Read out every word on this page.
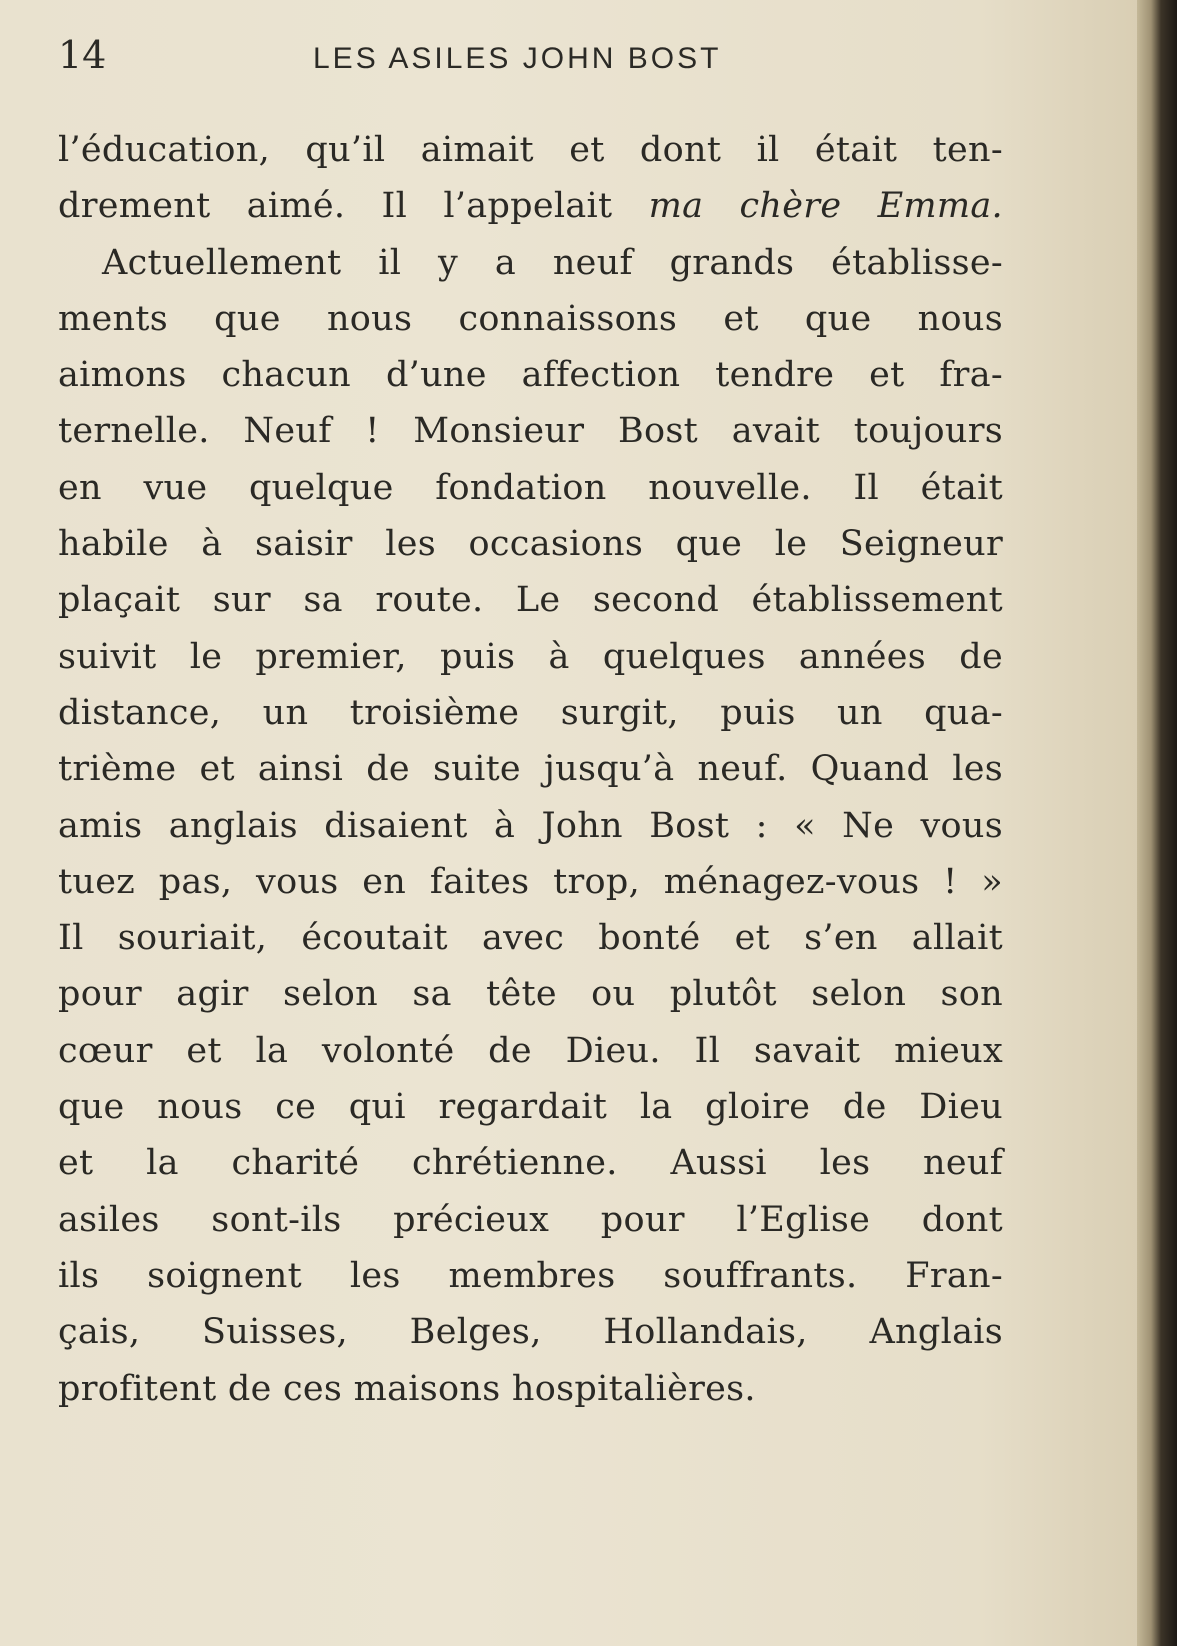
14	LES ASILES JOHN BOST
l’éducation, qu’il aimait et dont il était ten-
drement aimé. Il l’appelait ma chère Emma.
Actuellement il y a neuf grands établisse-
ments que nous connaissons et que nous
aimons chacun d’une affection tendre et fra-
ternelle. Neuf ! Monsieur Bost avait toujours
en vue quelque fondation nouvelle. Il était
habile à saisir les occasions que le Seigneur
plaçait sur sa route. Le second établissement
suivit le premier, puis à quelques années de
distance, un troisième surgit, puis un qua-
trième et ainsi de suite jusqu’à neuf. Quand les
amis anglais disaient à John Bost : « Ne vous
tuez pas, vous en faites trop, ménagez-vous ! »
Il souriait, écoutait avec bonté et s’en allait
pour agir selon sa tête ou plutôt selon son
cœur et la volonté de Dieu. Il savait mieux
que nous ce qui regardait la gloire de Dieu
et la charité chrétienne. Aussi les neuf
asiles sont-ils précieux pour l’Eglise dont
ils soignent les membres souffrants. Fran-
çais, Suisses, Belges, Hollandais, Anglais
profitent de ces maisons hospitalières.
